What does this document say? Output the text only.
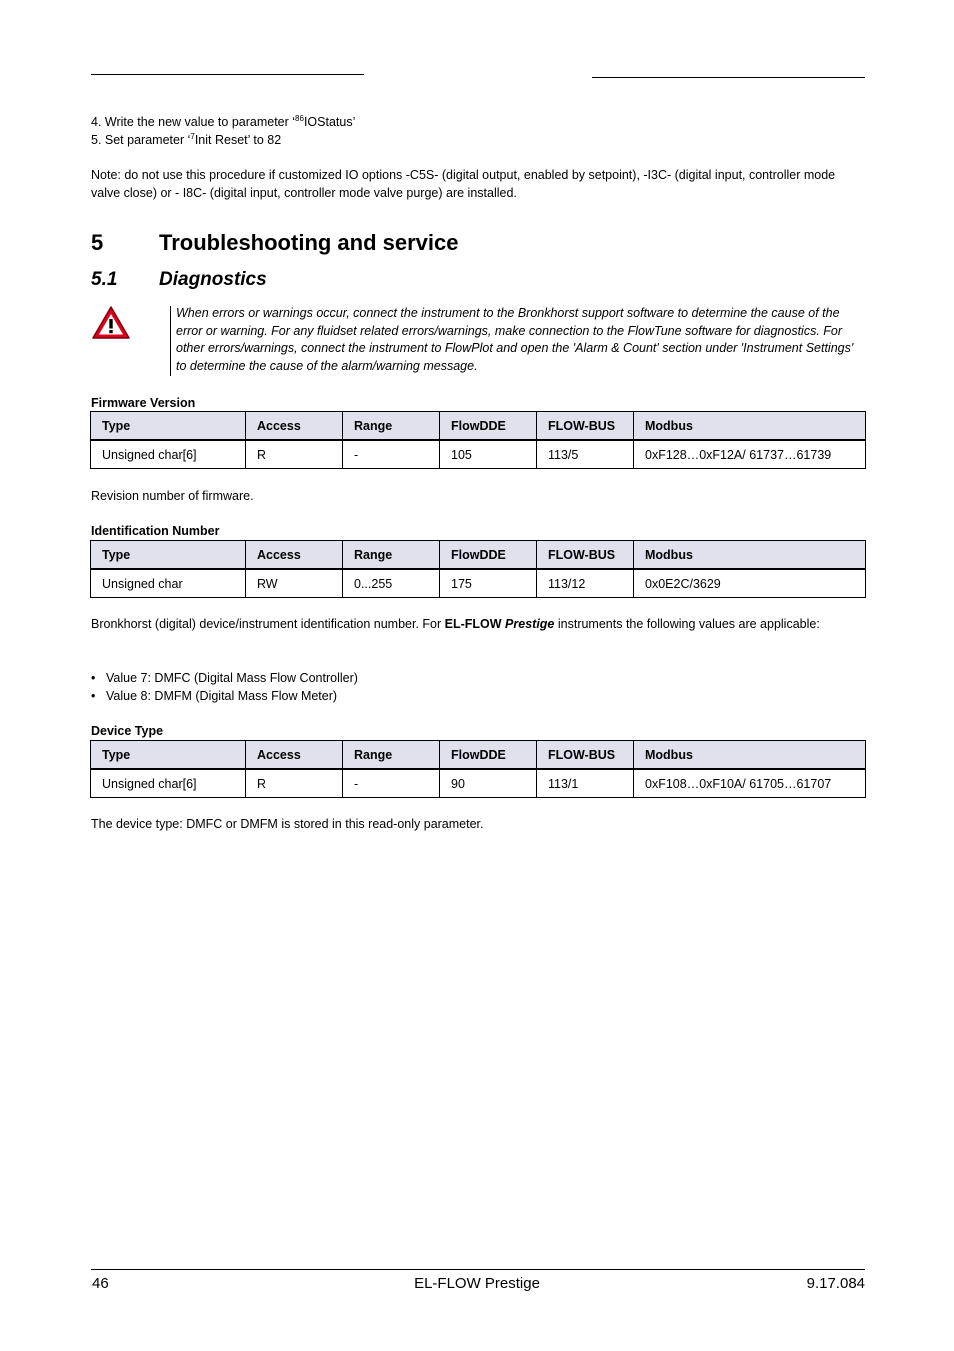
4. Write the new value to parameter ‘$^{86}$IOStatus’
5. Set parameter ‘$^7$Init Reset’ to 82
Note: do not use this procedure if customized IO options -C5S- (digital output, enabled by setpoint), -I3C- (digital input, controller mode valve close) or - I8C- (digital input, controller mode valve purge) are installed.
5	Troubleshooting and service
5.1 Diagnostics
When errors or warnings occur, connect the instrument to the Bronkhorst support software to determine the cause of the error or warning. For any fluidset related errors/warnings, make connection to the FlowTune software for diagnostics. For other errors/warnings, connect the instrument to FlowPlot and open the 'Alarm & Count' section under 'Instrument Settings' to determine the cause of the alarm/warning message.
Firmware Version
Type	Access	Range	FlowDDE	FLOW-BUS	Modbus
Unsigned char[6]	R	-	105	113/5	0xF128…0xF12A/ 61737…61739
Revision number of firmware.
Identification Number
Type	Access	Range	FlowDDE	FLOW-BUS	Modbus
Unsigned char	RW	0...255	175	113/12	0x0E2C/3629
Bronkhorst (digital) device/instrument identification number. For EL-FLOW Prestige instruments the following values are applicable:
• Value 7: DMFC (Digital Mass Flow Controller)
• Value 8: DMFM (Digital Mass Flow Meter)
Device Type
Type	Access	Range	FlowDDE	FLOW-BUS	Modbus
Unsigned char[6]	R	-	90	113/1	0xF108…0xF10A/ 61705…61707
The device type: DMFC or DMFM is stored in this read-only parameter.
46	EL-FLOW Prestige	9.17.084
